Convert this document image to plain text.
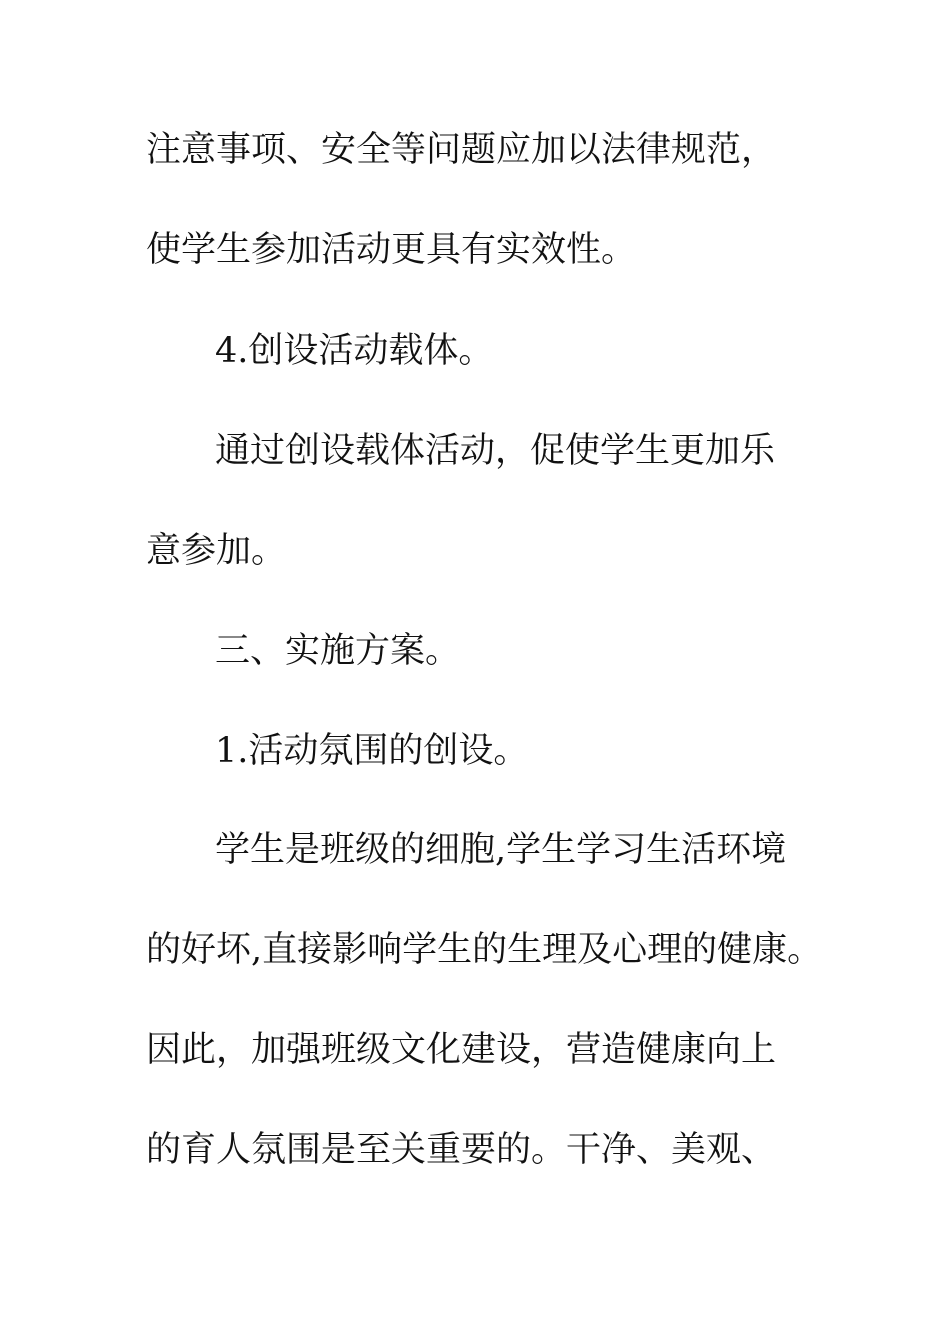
注意事项、安全等问题应加以法律规范，
使学生参加活动更具有实效性。
4.创设活动载体。
通过创设载体活动，促使学生更加乐
意参加。
三、实施方案。
1.活动氛围的创设。
学生是班级的细胞,学生学习生活环境
的好坏,直接影响学生的生理及心理的健康。
因此，加强班级文化建设，营造健康向上
的育人氛围是至关重要的。干净、美观、
